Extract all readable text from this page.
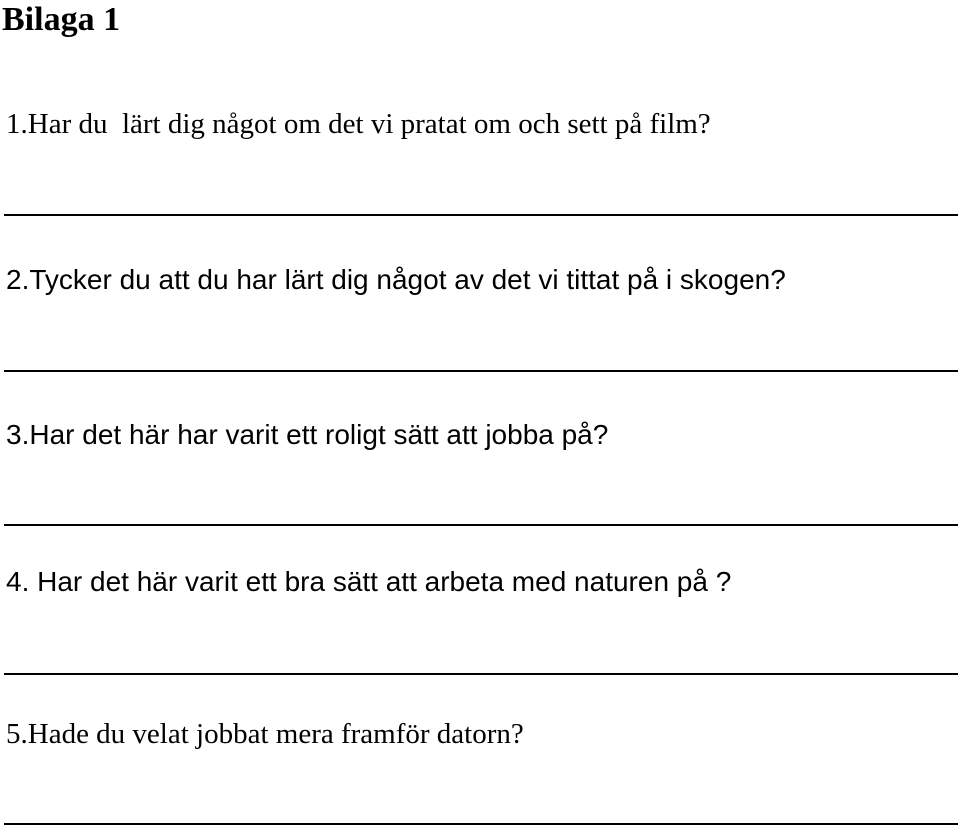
Bilaga 1
1.Har du  lärt dig något om det vi pratat om och sett på film?
2.Tycker du att du har lärt dig något av det vi tittat på i skogen?
3.Har det här har varit ett roligt sätt att jobba på?
4. Har det här varit ett bra sätt att arbeta med naturen på ?
5.Hade du velat jobbat mera framför datorn?
